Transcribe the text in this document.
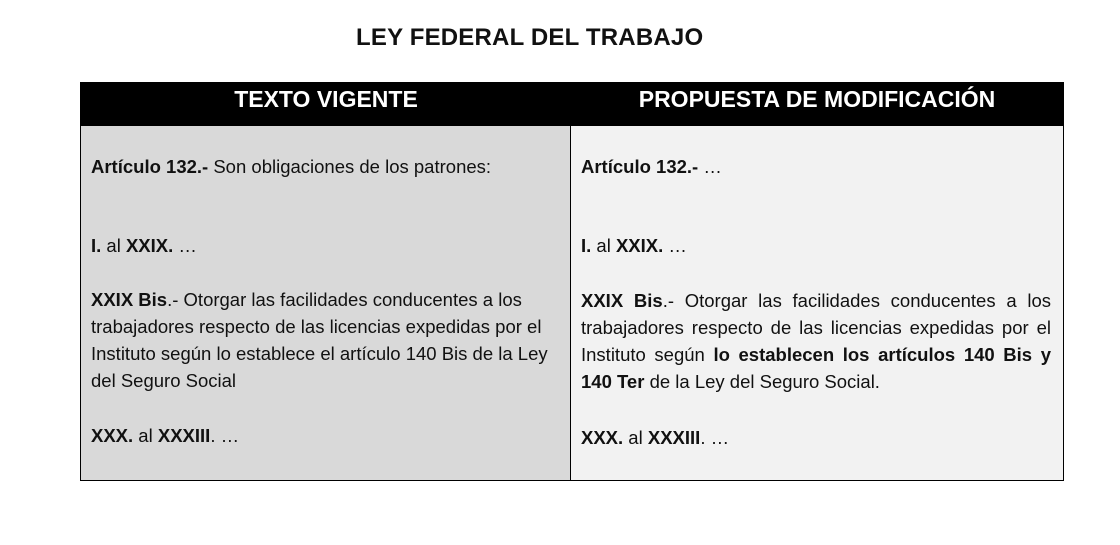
LEY FEDERAL DEL TRABAJO
TEXTO VIGENTE	PROPUESTA DE MODIFICACIÓN

Artículo 132.- Son obligaciones de los patrones:

I. al XXIX. …

XXIX Bis.- Otorgar las facilidades conducentes a los trabajadores respecto de las licencias expedidas por el Instituto según lo establece el artículo 140 Bis de la Ley del Seguro Social

XXX. al XXXIII. …

Artículo 132.- …

I. al XXIX. …

XXIX Bis.- Otorgar las facilidades conducentes a los trabajadores respecto de las licencias expedidas por el Instituto según lo establecen los artículos 140 Bis y 140 Ter de la Ley del Seguro Social.

XXX. al XXXIII. …
